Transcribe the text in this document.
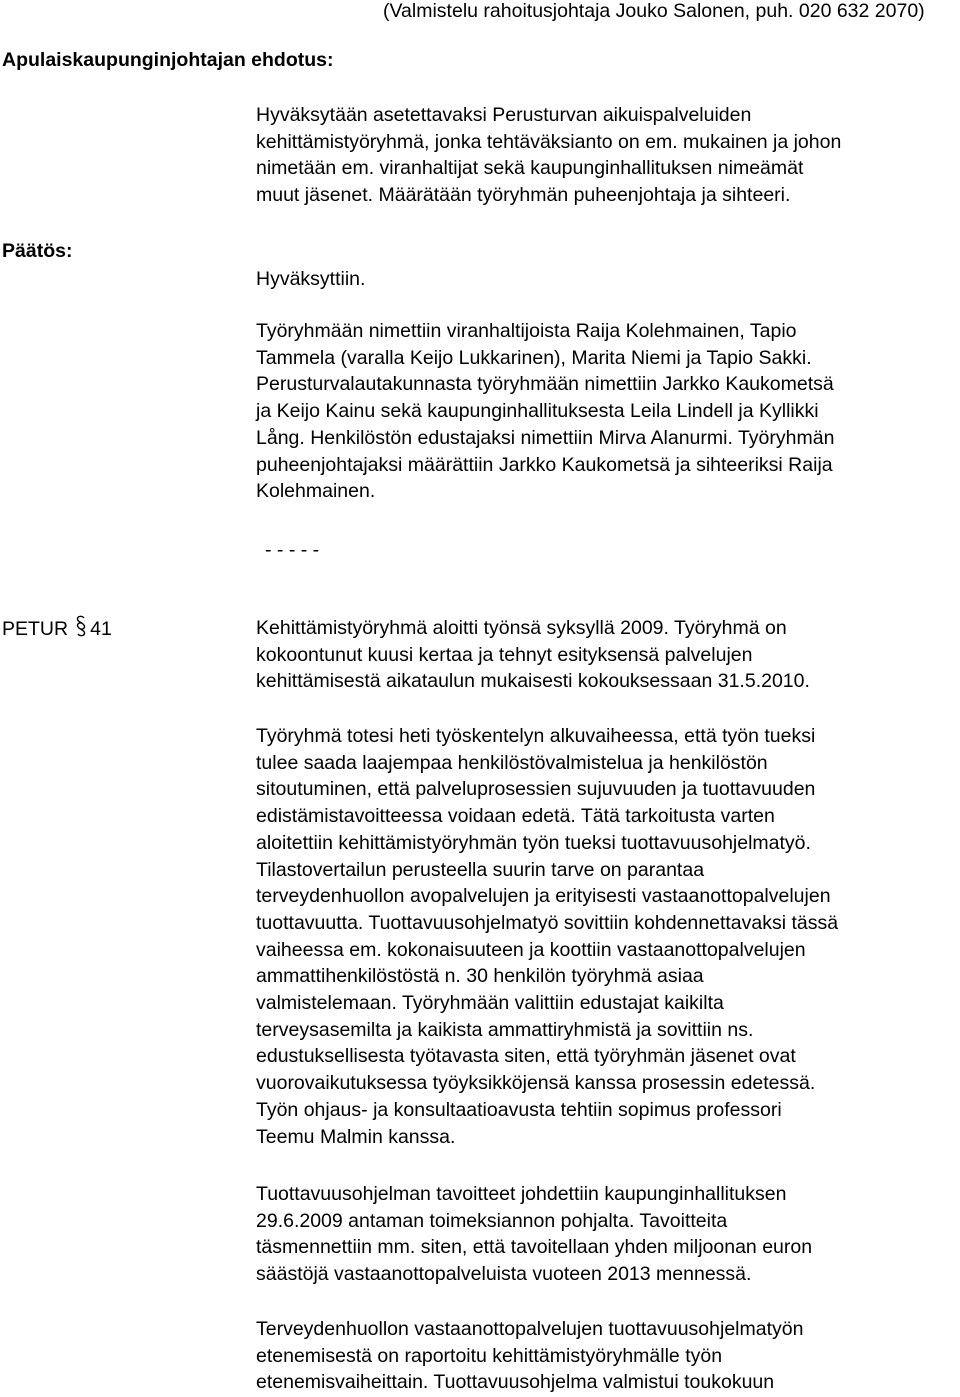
(Valmistelu rahoitusjohtaja Jouko Salonen, puh. 020 632 2070)
Apulaiskaupunginjohtajan ehdotus:
Hyväksytään asetettavaksi Perusturvan aikuispalveluiden
kehittämistyöryhmä, jonka tehtäväksianto on em. mukainen ja johon
nimetään em. viranhaltijat sekä kaupunginhallituksen nimeämät
muut jäsenet. Määrätään työryhmän puheenjohtaja ja sihteeri.
Päätös:
Hyväksyttiin.
Työryhmään nimettiin viranhaltijoista Raija Kolehmainen, Tapio
Tammela (varalla Keijo Lukkarinen), Marita Niemi ja Tapio Sakki.
Perusturvalautakunnasta työryhmään nimettiin Jarkko Kaukometsä
ja Keijo Kainu sekä kaupunginhallituksesta Leila Lindell ja Kyllikki
Lång. Henkilöstön edustajaksi nimettiin Mirva Alanurmi. Työryhmän
puheenjohtajaksi määrättiin Jarkko Kaukometsä ja sihteeriksi Raija
Kolehmainen.
- - - - -
PETUR 41	Kehittämistyöryhmä aloitti työnsä syksyllä 2009. Työryhmä on
kokoontunut kuusi kertaa ja tehnyt esityksensä palvelujen
kehittämisestä aikataulun mukaisesti kokouksessaan 31.5.2010.
Työryhmä totesi heti työskentelyn alkuvaiheessa, että työn tueksi
tulee saada laajempaa henkilöstövalmistelua ja henkilöstön
sitoutuminen, että palveluprosessien sujuvuuden ja tuottavuuden
edistämistavoitteessa voidaan edetä. Tätä tarkoitusta varten
aloitettiin kehittämistyöryhmän työn tueksi tuottavuusohjelmatyö.
Tilastovertailun perusteella suurin tarve on parantaa
terveydenhuollon avopalvelujen ja erityisesti vastaanottopalvelujen
tuottavuutta. Tuottavuusohjelmatyö sovittiin kohdennettavaksi tässä
vaiheessa em. kokonaisuuteen ja koottiin vastaanottopalvelujen
ammattihenkilöstöstä n. 30 henkilön työryhmä asiaa
valmistelemaan. Työryhmään valittiin edustajat kaikilta
terveysasemilta ja kaikista ammattiryhmistä ja sovittiin ns.
edustuksellisesta työtavasta siten, että työryhmän jäsenet ovat
vuorovaikutuksessa työyksikköjensä kanssa prosessin edetessä.
Työn ohjaus- ja konsultaatioavusta tehtiin sopimus professori
Teemu Malmin kanssa.
Tuottavuusohjelman tavoitteet johdettiin kaupunginhallituksen
29.6.2009 antaman toimeksiannon pohjalta. Tavoitteita
täsmennettiin mm. siten, että tavoitellaan yhden miljoonan euron
säästöjä vastaanottopalveluista vuoteen 2013 mennessä.
Terveydenhuollon vastaanottopalvelujen tuottavuusohjelmatyön
etenemisestä on raportoitu kehittämistyöryhmälle työn
etenemisvaiheittain. Tuottavuusohjelma valmistui toukokuun
